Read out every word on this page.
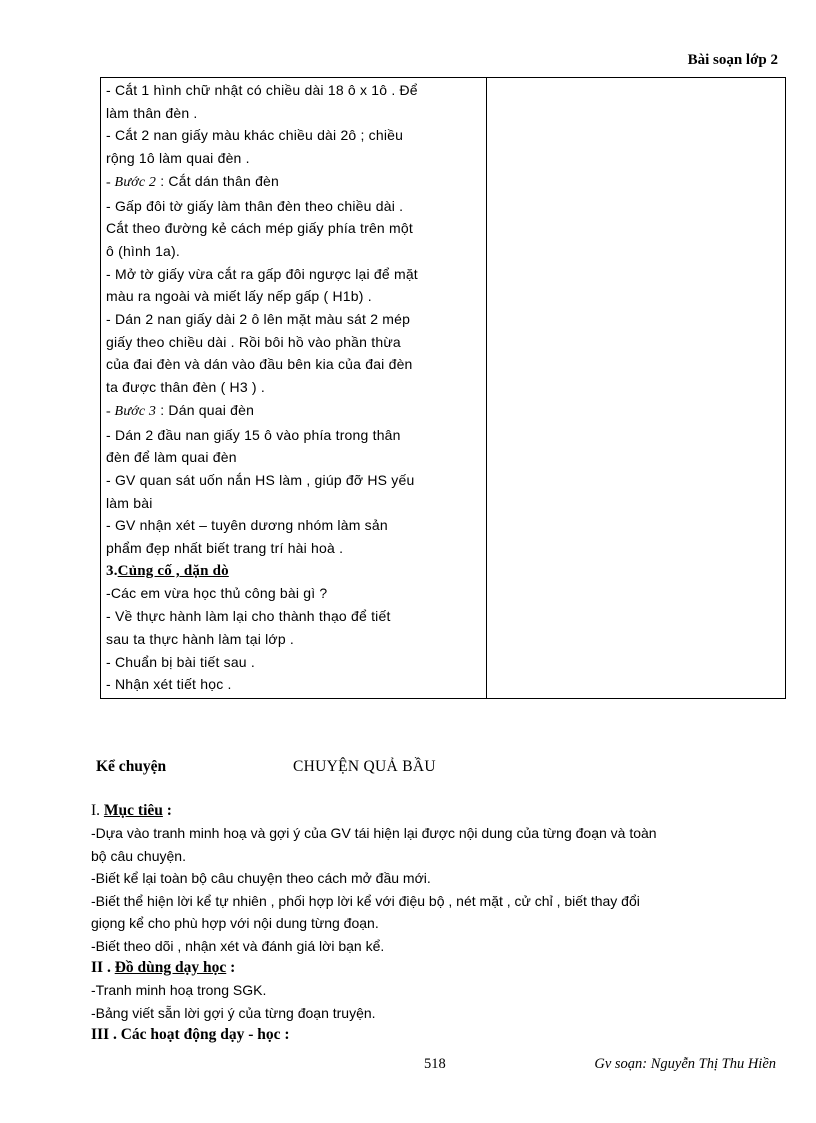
Bài soạn lớp 2
- Cắt 1 hình chữ nhật có chiều dài 18 ô x 1ô . Để
làm thân đèn .
- Cắt 2 nan giấy màu khác chiều dài 2ô ; chiều
rộng 1ô làm quai đèn .
- Bước 2 : Cắt dán thân đèn
- Gấp đôi tờ giấy làm thân đèn theo chiều dài .
Cắt theo đường kẻ cách mép giấy phía trên một
ô (hình 1a).
- Mở tờ giấy vừa cắt ra gấp đôi ngược lại để mặt
màu ra ngoài và miết lấy nếp gấp ( H1b) .
- Dán 2 nan giấy dài 2 ô lên mặt màu sát 2 mép
giấy theo chiều dài . Rồi bôi hồ vào phần thừa
của đai đèn và dán vào đầu bên kia của đai đèn
ta được thân đèn ( H3 ) .
- Bước 3 : Dán quai đèn
- Dán 2 đầu nan giấy 15 ô vào phía trong thân
đèn để làm quai đèn
- GV quan sát uốn nắn HS làm , giúp đỡ HS yếu
làm bài
- GV nhận xét – tuyên dương nhóm làm sản
phẩm đẹp nhất biết trang trí hài hoà .
3.Củng cố , dặn dò
-Các em vừa học thủ công bài gì ?
- Về thực hành làm lại cho thành thạo để tiết
sau ta thực hành làm tại lớp .
- Chuẩn bị bài tiết sau .
- Nhận xét tiết học .

Kể chuyện	CHUYỆN QUẢ BẦU
I. Mục tiêu :
-Dựa vào tranh minh hoạ và gợi ý của GV tái hiện lại được nội dung của từng đoạn và toàn
bộ câu chuyện.
-Biết kể lại toàn bộ câu chuyện theo cách mở đầu mới.
-Biết thể hiện lời kể tự nhiên , phối hợp lời kể với điệu bộ , nét mặt , cử chỉ , biết thay đổi
giọng kể cho phù hợp với nội dung từng đoạn.
-Biết theo dõi , nhận xét và đánh giá lời bạn kể.
II . Đồ dùng dạy học :
-Tranh minh hoạ trong SGK.
-Bảng viết sẵn lời gợi ý của từng đoạn truyện.
III . Các hoạt động dạy - học :
518	Gv soạn: Nguyễn Thị Thu Hiền
